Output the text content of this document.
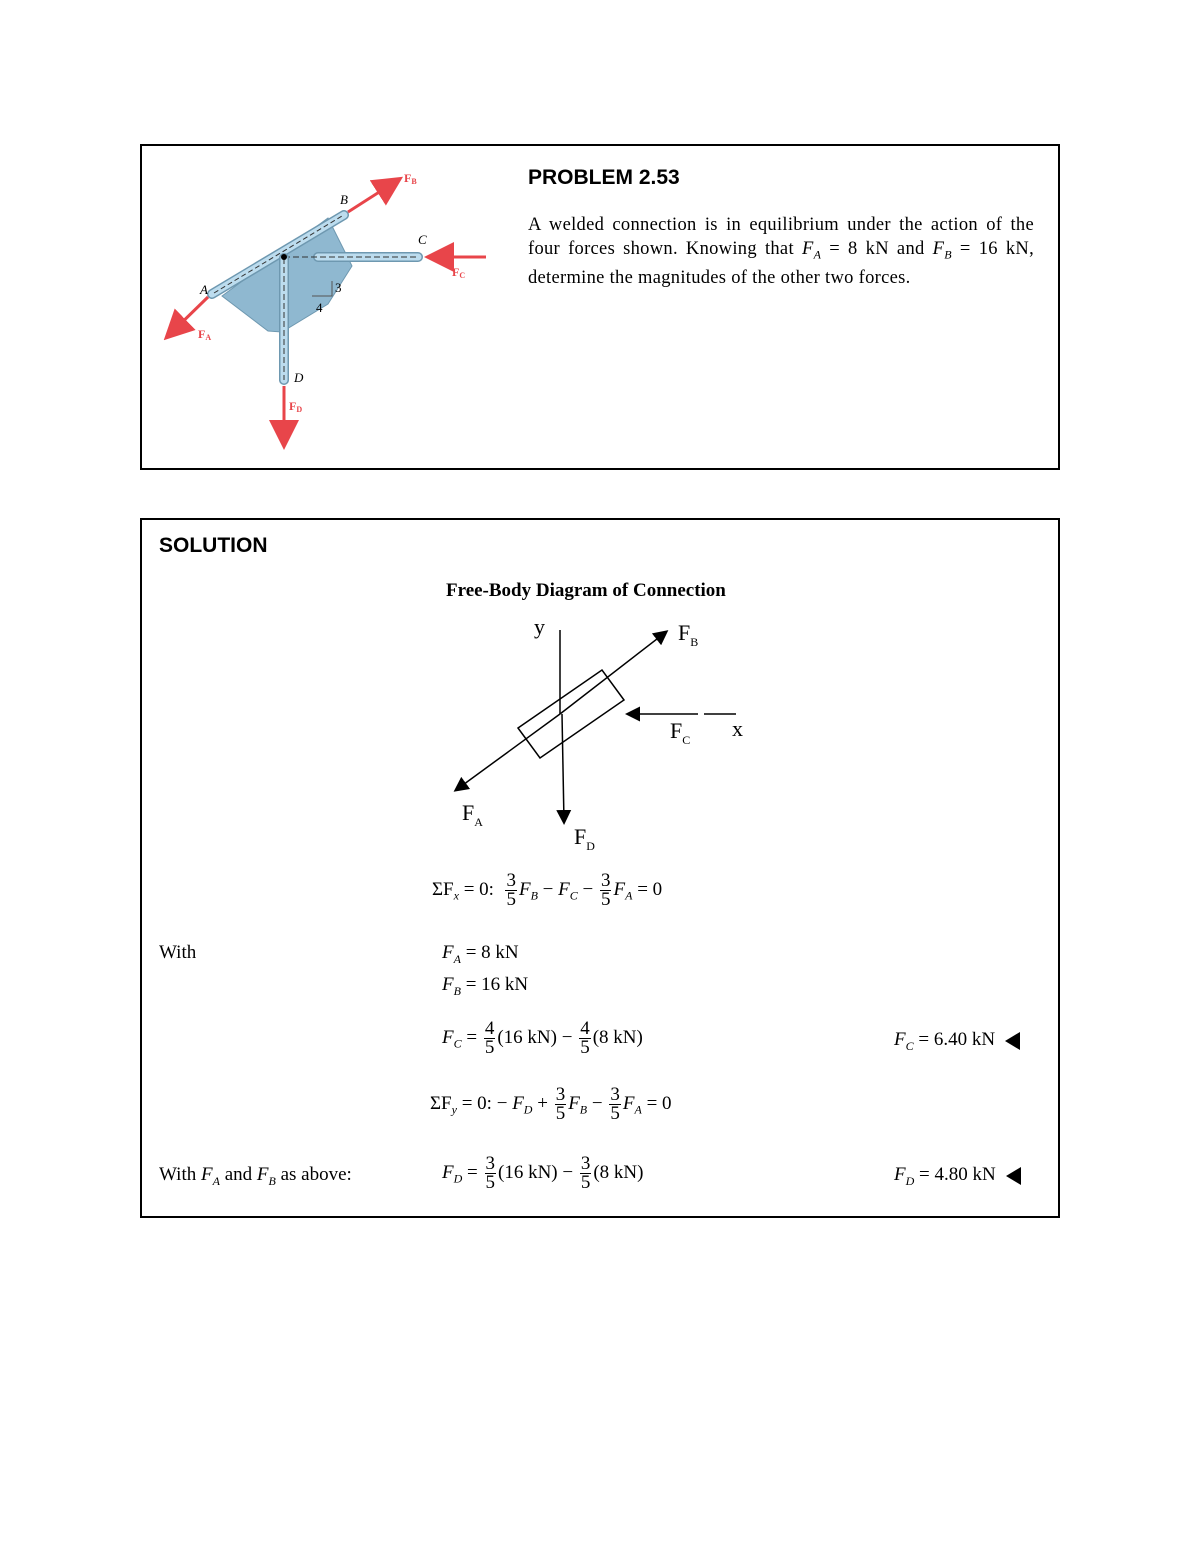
3
4
B
A
C
D
FB
FA
FC
FD
PROBLEM 2.53
A welded connection is in equilibrium under the action of the four forces shown. Knowing that $F_A = 8$ kN and $F_B = 16$ kN, determine the magnitudes of the other two forces.
SOLUTION
Free-Body Diagram of Connection
y
x
$F_B$
$F_C$
$F_A$
$F_D$
$\Sigma F_x = 0$: $\frac{3}{5} F_B - F_C - \frac{3}{5} F_A = 0$
With	$F_A = 8$ kN
$F_B = 16$ kN
$F_C = \frac{4}{5} (16$ $kN) - \frac{4}{5} (8$ kN)	$F_C = 6.40$ kN
$\Sigma F_y = 0$: − $F_D + \frac{3}{5} F_B - \frac{3}{5} F_A = 0$
With $F_A$ and $F_B$ as above:	$F_D = \frac{3}{5} (16$ $kN) - \frac{3}{5} (8$ kN)	$F_D = 4.80$ kN
